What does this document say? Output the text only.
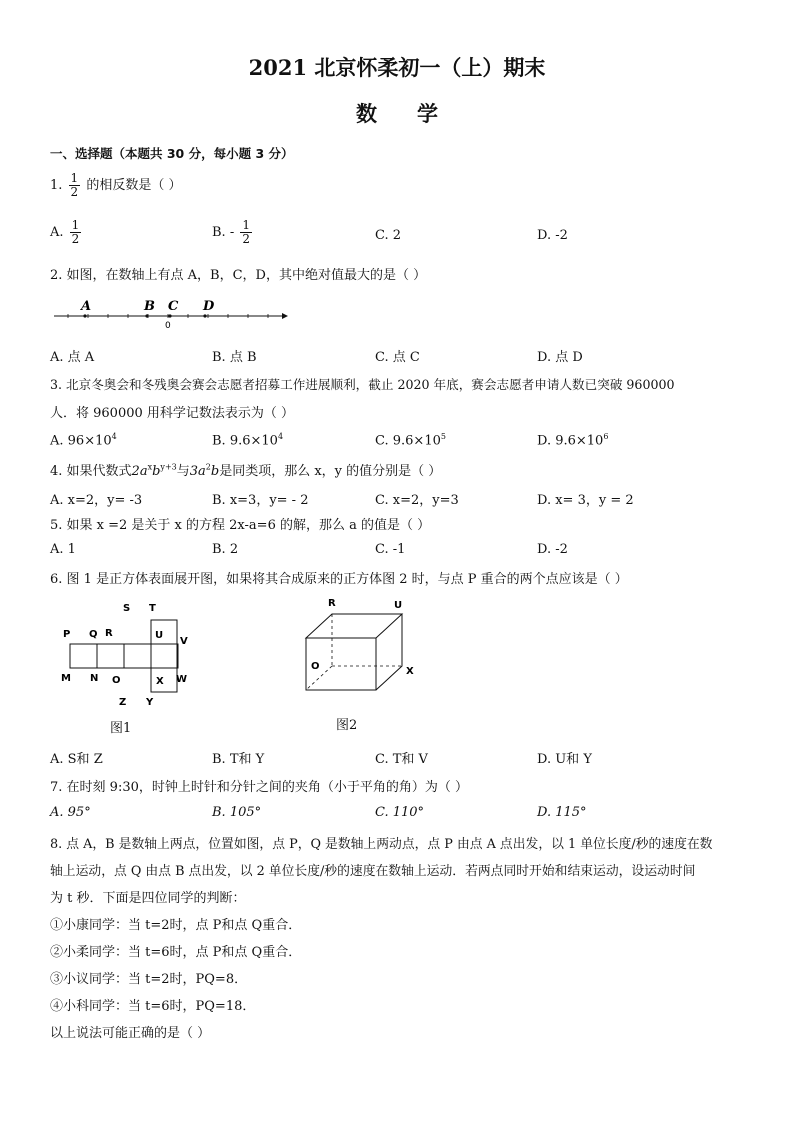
2021 北京怀柔初一（上）期末
数学
一、选择题（本题共 30 分，每小题 3 分）
1. $\frac{1}{2}$ 的相反数是（ ）
A. $\frac{1}{2}$	B. - $\frac{1}{2}$	C. 2	D. -2
2. 如图，在数轴上有点 A，B，C，D，其中绝对值最大的是（ ）
A	B C D
0
A. 点 A	B. 点 B	C. 点 C	D. 点 D
3. 北京冬奥会和冬残奥会赛会志愿者招募工作进展顺利，截止 2020 年底，赛会志愿者申请人数已突破 960000
人．将 960000 用科学记数法表示为（ ）
A. $96\times 10^4$	B. $9.6\times 10^4$	C. $9.6\times 10^5$	D. $9.6\times 10^6$
4. 如果代数式$2a^xb^{y+3}$与$3a^2b$是同类项，那么 x，y 的值分别是（ ）
A. x=2，y= -3	B. x=3，y= - 2	C. x=2，y=3	D. x= 3，y = 2
5. 如果 x =2 是关于 x 的方程 2x-a=6 的解，那么 a 的值是（ ）
A. 1	B. 2	C. -1	D. -2
6. 图 1 是正方体表面展开图，如果将其合成原来的正方体图 2 时，与点 P 重合的两个点应该是（ ）
S T
P Q R	U
V
M N O	X W
Z Y
图1
R	U
O	X
图2
A. S和 Z	B. T和 Y	C. T和 V	D. U和 Y
7. 在时刻 9:30，时钟上时针和分针之间的夹角（小于平角的角）为（ ）
A. 95°	B. 105°	C. 110°	D. 115°
8. 点 A，B 是数轴上两点，位置如图，点 P，Q 是数轴上两动点，点 P 由点 A 点出发，以 1 单位长度/秒的速度在数
轴上运动，点 Q 由点 B 点出发，以 2 单位长度/秒的速度在数轴上运动．若两点同时开始和结束运动，设运动时间
为 t 秒．下面是四位同学的判断：
①小康同学：当 t=2时，点 P和点 Q重合．
②小柔同学：当 t=6时，点 P和点 Q重合．
③小议同学：当 t=2时，PQ=8．
④小科同学：当 t=6时，PQ=18．
以上说法可能正确的是（ ）
